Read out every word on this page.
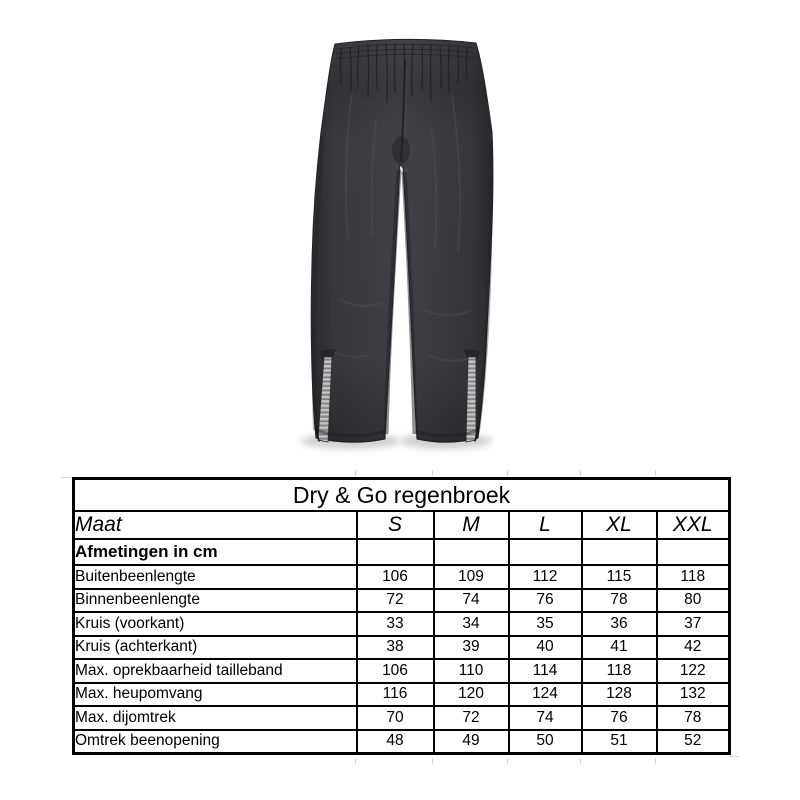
Dry & Go regenbroek					
Maat	S	M	L	XL	XXL
Afmetingen in cm					
Buitenbeenlengte	106	109	112	115	118
Binnenbeenlengte	72	74	76	78	80
Kruis (voorkant)	33	34	35	36	37
Kruis (achterkant)	38	39	40	41	42
Max. oprekbaarheid tailleband	106	110	114	118	122
Max. heupomvang	116	120	124	128	132
Max. dijomtrek	70	72	74	76	78
Omtrek beenopening	48	49	50	51	52
